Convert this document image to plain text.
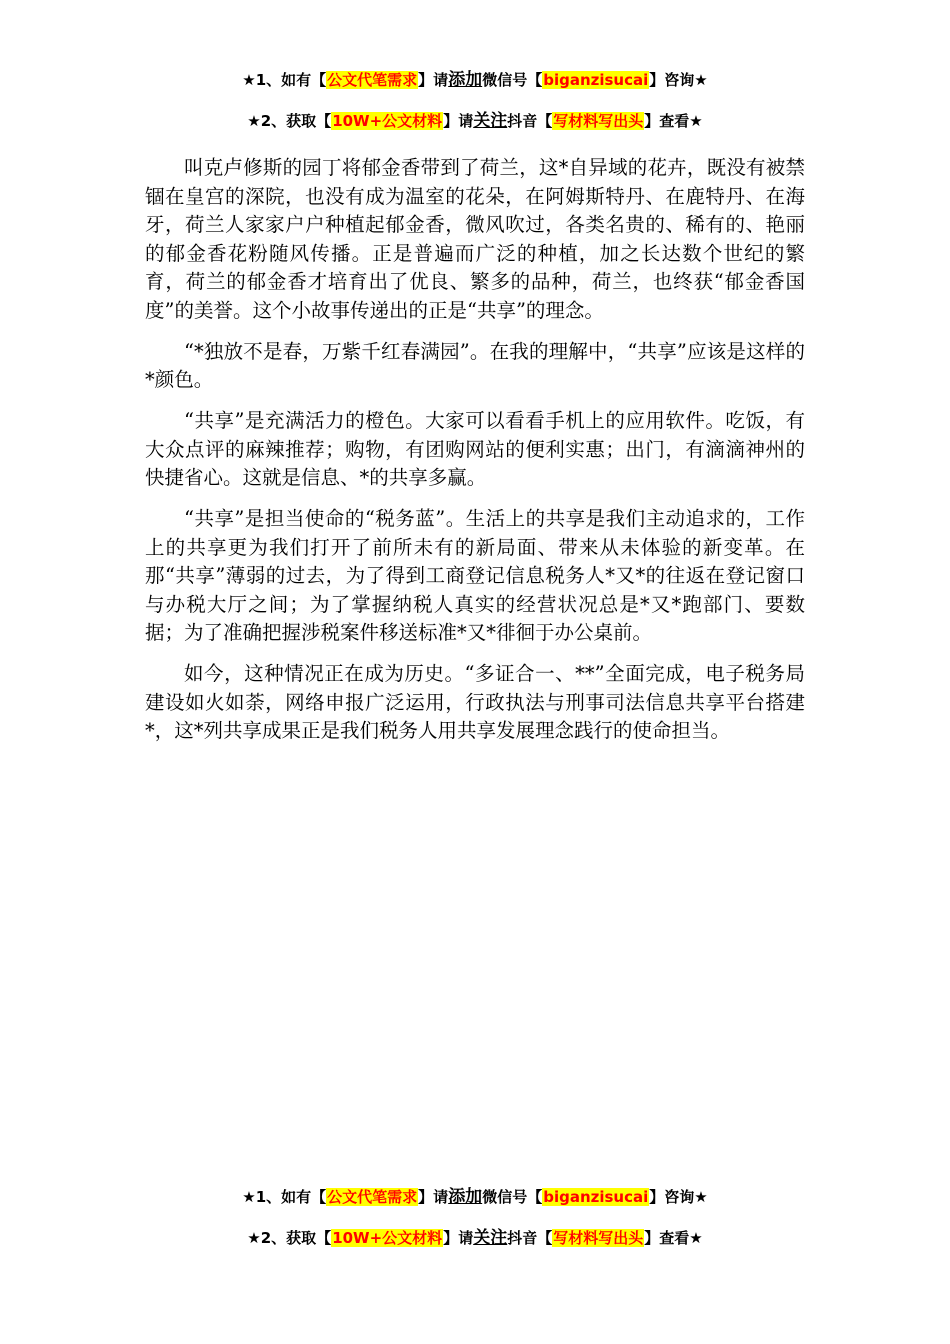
★1、如有【公文代笔需求】请添加微信号【biganzisucai】咨询★
★2、获取【10W+公文材料】请关注抖音【写材料写出头】查看★

叫克卢修斯的园丁将郁金香带到了荷兰，这*自异域的花卉，既没有被禁锢在皇宫的深院，也没有成为温室的花朵，在阿姆斯特丹、在鹿特丹、在海牙，荷兰人家家户户种植起郁金香，微风吹过，各类名贵的、稀有的、艳丽的郁金香花粉随风传播。正是普遍而广泛的种植，加之长达数个世纪的繁育，荷兰的郁金香才培育出了优良、繁多的品种，荷兰，也终获“郁金香国度”的美誉。这个小故事传递出的正是“共享”的理念。

“*独放不是春，万紫千红春满园”。在我的理解中，“共享”应该是这样的*颜色。

“共享”是充满活力的橙色。大家可以看看手机上的应用软件。吃饭，有大众点评的麻辣推荐；购物，有团购网站的便利实惠；出门，有滴滴神州的快捷省心。这就是信息、*的共享多赢。

“共享”是担当使命的“税务蓝”。生活上的共享是我们主动追求的，工作上的共享更为我们打开了前所未有的新局面、带来从未体验的新变革。在那“共享”薄弱的过去，为了得到工商登记信息税务人*又*的往返在登记窗口与办税大厅之间；为了掌握纳税人真实的经营状况总是*又*跑部门、要数据；为了准确把握涉税案件移送标准*又*徘徊于办公桌前。

如今，这种情况正在成为历史。“多证合一、**”全面完成，电子税务局建设如火如荼，网络申报广泛运用，行政执法与刑事司法信息共享平台搭建*，这*列共享成果正是我们税务人用共享发展理念践行的使命担当。

★1、如有【公文代笔需求】请添加微信号【biganzisucai】咨询★
★2、获取【10W+公文材料】请关注抖音【写材料写出头】查看★
